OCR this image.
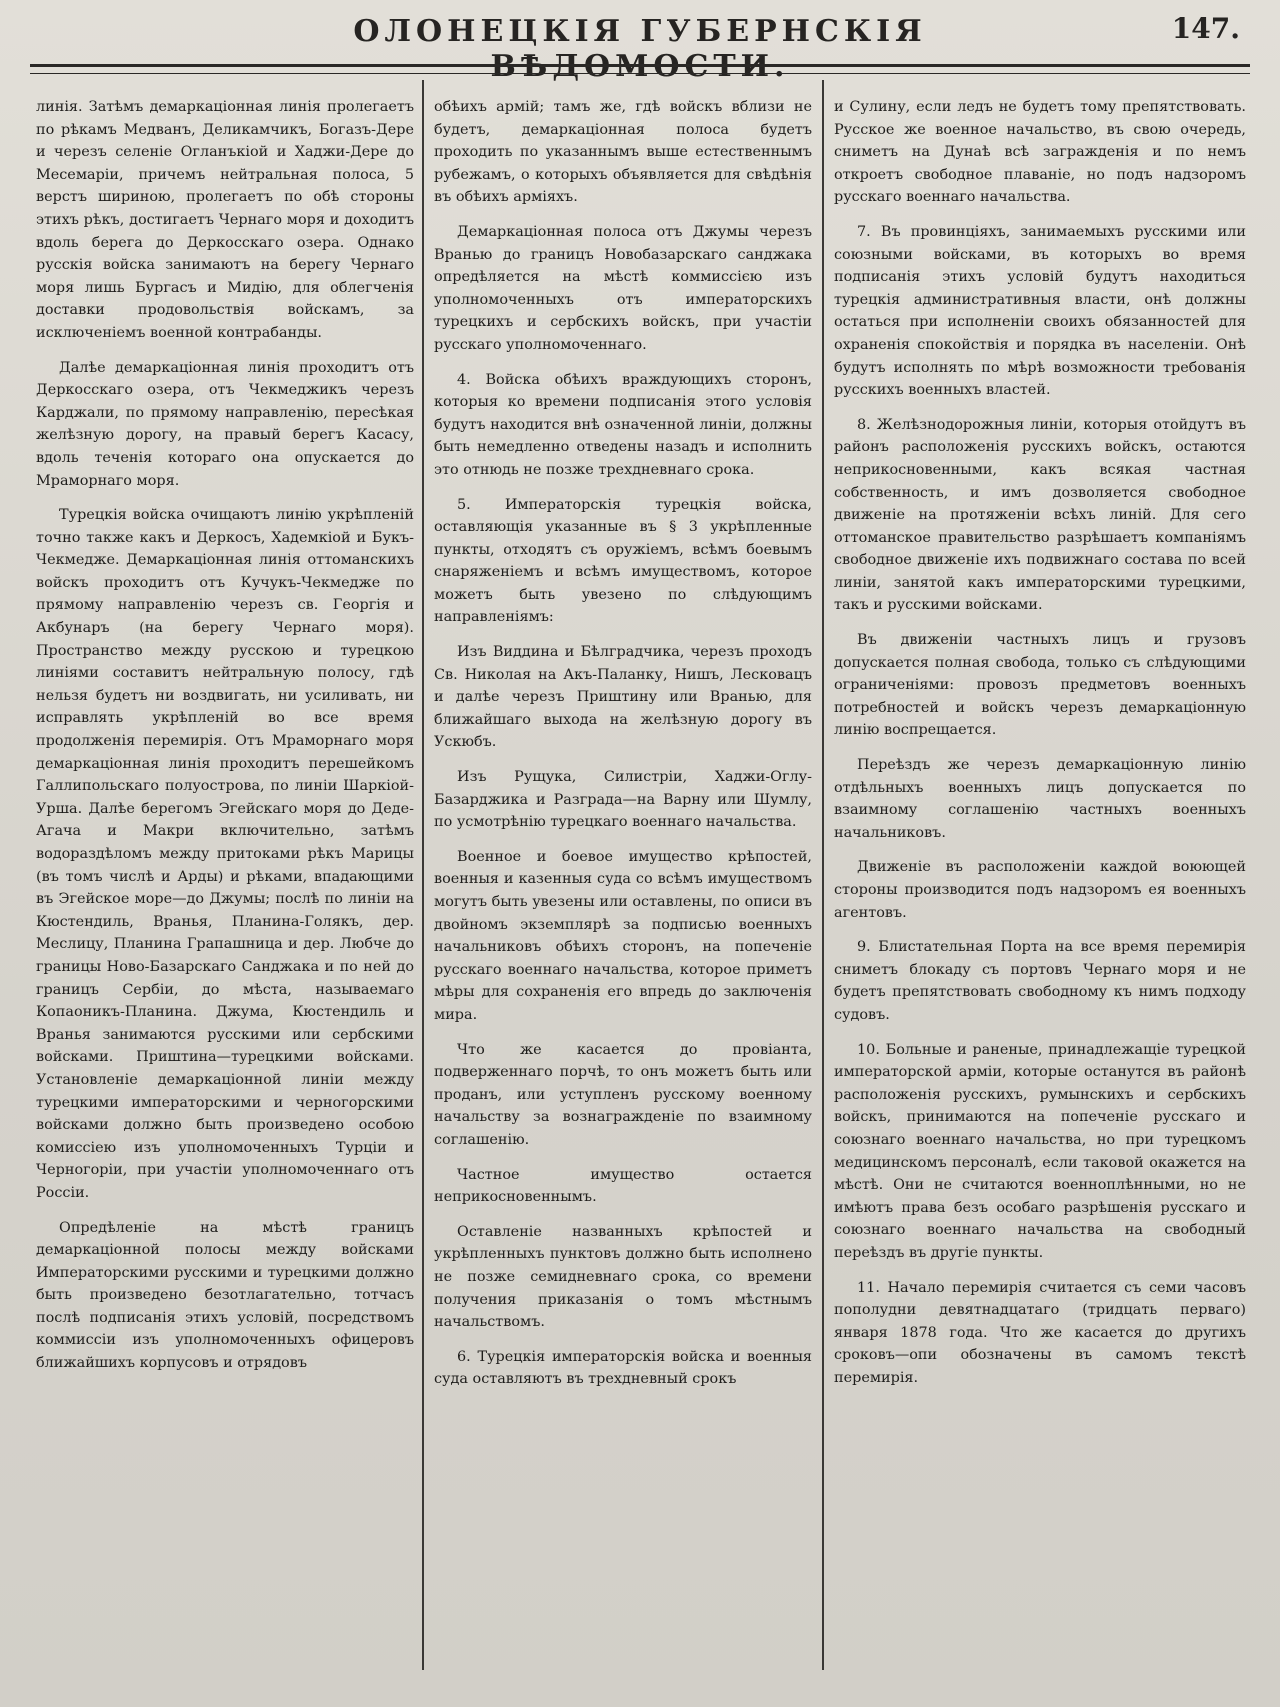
ОЛОНЕЦКІЯ ГУБЕРНСКІЯ ВѢДОМОСТИ.
147.

линія. Затѣмъ демаркаціонная линія пролегаетъ по рѣкамъ Медванъ, Деликамчикъ, Богазъ-Дере и черезъ селеніе Огланъкіой и Хаджи-Дере до Месемаріи, причемъ нейтральная полоса, 5 верстъ шириною, пролегаетъ по обѣ стороны этихъ рѣкъ, достигаетъ Чернаго моря и доходитъ вдоль берега до Деркосскаго озера. Однако русскія войска занимаютъ на берегу Чернаго моря лишь Бургасъ и Мидію, для облегченія доставки продовольствія войскамъ, за исключеніемъ военной контрабанды.

Далѣе демаркаціонная линія проходитъ отъ Деркосскаго озера, отъ Чекмеджикъ черезъ Карджали, по прямому направленію, пересѣкая желѣзную дорогу, на правый берегъ Касасу, вдоль теченія котораго она опускается до Мраморнаго моря.

Турецкія войска очищаютъ линію укрѣпленій точно также какъ и Деркосъ, Хадемкіой и Букъ-Чекмедже. Демаркаціонная линія оттоманскихъ войскъ проходитъ отъ Кучукъ-Чекмедже по прямому направленію черезъ св. Георгія и Акбунаръ (на берегу Чернаго моря). Пространство между русскою и турецкою линіями составитъ нейтральную полосу, гдѣ нельзя будетъ ни воздвигать, ни усиливать, ни исправлять укрѣпленій во все время продолженія перемирія. Отъ Мраморнаго моря демаркаціонная линія проходитъ перешейкомъ Галлипольскаго полуострова, по линіи Шаркіой-Урша. Далѣе берегомъ Эгейскаго моря до Деде-Агача и Макри включительно, затѣмъ водораздѣломъ между притоками рѣкъ Марицы (въ томъ числѣ и Арды) и рѣками, впадающими въ Эгейское море—до Джумы; послѣ по линіи на Кюстендиль, Вранья, Планина-Голякъ, дер. Меслицу, Планина Грапашница и дер. Любче до границы Ново-Базарскаго Санджака и по ней до границъ Сербіи, до мѣста, называемаго Копаоникъ-Планина. Джума, Кюстендиль и Вранья занимаются русскими или сербскими войсками. Приштина—турецкими войсками. Установленіе демаркаціонной линіи между турецкими императорскими и черногорскими войсками должно быть произведено особою комиссіею изъ уполномоченныхъ Турціи и Черногоріи, при участіи уполномоченнаго отъ Россіи.

Опредѣленіе на мѣстѣ границъ демаркаціонной полосы между войсками Императорскими русскими и турецкими должно быть произведено безотлагательно, тотчасъ послѣ подписанія этихъ условій, посредствомъ коммиссіи изъ уполномоченныхъ офицеровъ ближайшихъ корпусовъ и отрядовъ

обѣихъ армій; тамъ же, гдѣ войскъ вблизи не будетъ, демаркаціонная полоса будетъ проходить по указаннымъ выше естественнымъ рубежамъ, о которыхъ объявляется для свѣдѣнія въ обѣихъ арміяхъ.

Демаркаціонная полоса отъ Джумы черезъ Вранью до границъ Новобазарскаго санджака опредѣляется на мѣстѣ коммиссією изъ уполномоченныхъ отъ императорскихъ турецкихъ и сербскихъ войскъ, при участіи русскаго уполномоченнаго.

4. Войска обѣихъ враждующихъ сторонъ, которыя ко времени подписанія этого условія будутъ находится внѣ означенной линіи, должны быть немедленно отведены назадъ и исполнить это отнюдь не позже трехдневнаго срока.

5. Императорскія турецкія войска, оставляющія указанные въ § 3 укрѣпленные пункты, отходятъ съ оружіемъ, всѣмъ боевымъ снаряженіемъ и всѣмъ имуществомъ, которое можетъ быть увезено по слѣдующимъ направленіямъ:

Изъ Виддина и Бѣлградчика, черезъ проходъ Св. Николая на Акъ-Паланку, Нишъ, Лесковацъ и далѣе черезъ Приштину или Вранью, для ближайшаго выхода на желѣзную дорогу въ Ускюбъ.

Изъ Рущука, Силистріи, Хаджи-Оглу-Базарджика и Разграда—на Варну или Шумлу, по усмотрѣнію турецкаго военнаго начальства.

Военное и боевое имущество крѣпостей, военныя и казенныя суда со всѣмъ имуществомъ могутъ быть увезены или оставлены, по описи въ двойномъ экземплярѣ за подписью военныхъ начальниковъ обѣихъ сторонъ, на попеченіе русскаго военнаго начальства, которое приметъ мѣры для сохраненія его впредь до заключенія мира.

Что же касается до провіанта, подверженнаго порчѣ, то онъ можетъ быть или проданъ, или уступленъ русскому военному начальству за вознагражденіе по взаимному соглашенію.

Частное имущество остается неприкосновеннымъ.

Оставленіе названныхъ крѣпостей и укрѣпленныхъ пунктовъ должно быть исполнено не позже семидневнаго срока, со времени получения приказанія о томъ мѣстнымъ начальствомъ.

6. Турецкія императорскія войска и военныя суда оставляютъ въ трехдневный срокъ

и Сулину, если ледъ не будетъ тому препятствовать. Русское же военное начальство, въ свою очередь, сниметъ на Дунаѣ всѣ загражденія и по немъ откроетъ свободное плаваніе, но подъ надзоромъ русскаго военнаго начальства.

7. Въ провинціяхъ, занимаемыхъ русскими или союзными войсками, въ которыхъ во время подписанія этихъ условій будутъ находиться турецкія административныя власти, онѣ должны остаться при исполненіи своихъ обязанностей для охраненія спокойствія и порядка въ населеніи. Онѣ будутъ исполнять по мѣрѣ возможности требованія русскихъ военныхъ властей.

8. Желѣзнодорожныя линіи, которыя отойдутъ въ районъ расположенія русскихъ войскъ, остаются неприкосновенными, какъ всякая частная собственность, и имъ дозволяется свободное движеніе на протяженіи всѣхъ линій. Для сего оттоманское правительство разрѣшаетъ компаніямъ свободное движеніе ихъ подвижнаго состава по всей линіи, занятой какъ императорскими турецкими, такъ и русскими войсками.

Въ движеніи частныхъ лицъ и грузовъ допускается полная свобода, только съ слѣдующими ограниченіями: провозъ предметовъ военныхъ потребностей и войскъ черезъ демаркаціонную линію воспрещается.

Переѣздъ же черезъ демаркаціонную линію отдѣльныхъ военныхъ лицъ допускается по взаимному соглашенію частныхъ военныхъ начальниковъ.

Движеніе въ расположеніи каждой воюющей стороны производится подъ надзоромъ ея военныхъ агентовъ.

9. Блистательная Порта на все время перемирія сниметъ блокаду съ портовъ Чернаго моря и не будетъ препятствовать свободному къ нимъ подходу судовъ.

10. Больные и раненые, принадлежащіе турецкой императорской арміи, которые останутся въ районѣ расположенія русскихъ, румынскихъ и сербскихъ войскъ, принимаются на попеченіе русскаго и союзнаго военнаго начальства, но при турецкомъ медицинскомъ персоналѣ, если таковой окажется на мѣстѣ. Они не считаются военноплѣнными, но не имѣютъ права безъ особаго разрѣшенія русскаго и союзнаго военнаго начальства на свободный переѣздъ въ другіе пункты.

11. Начало перемирія считается съ семи часовъ пополудни девятнадцатаго (тридцать перваго) января 1878 года. Что же касается до другихъ сроковъ—опи обозначены въ самомъ текстѣ перемирія.
